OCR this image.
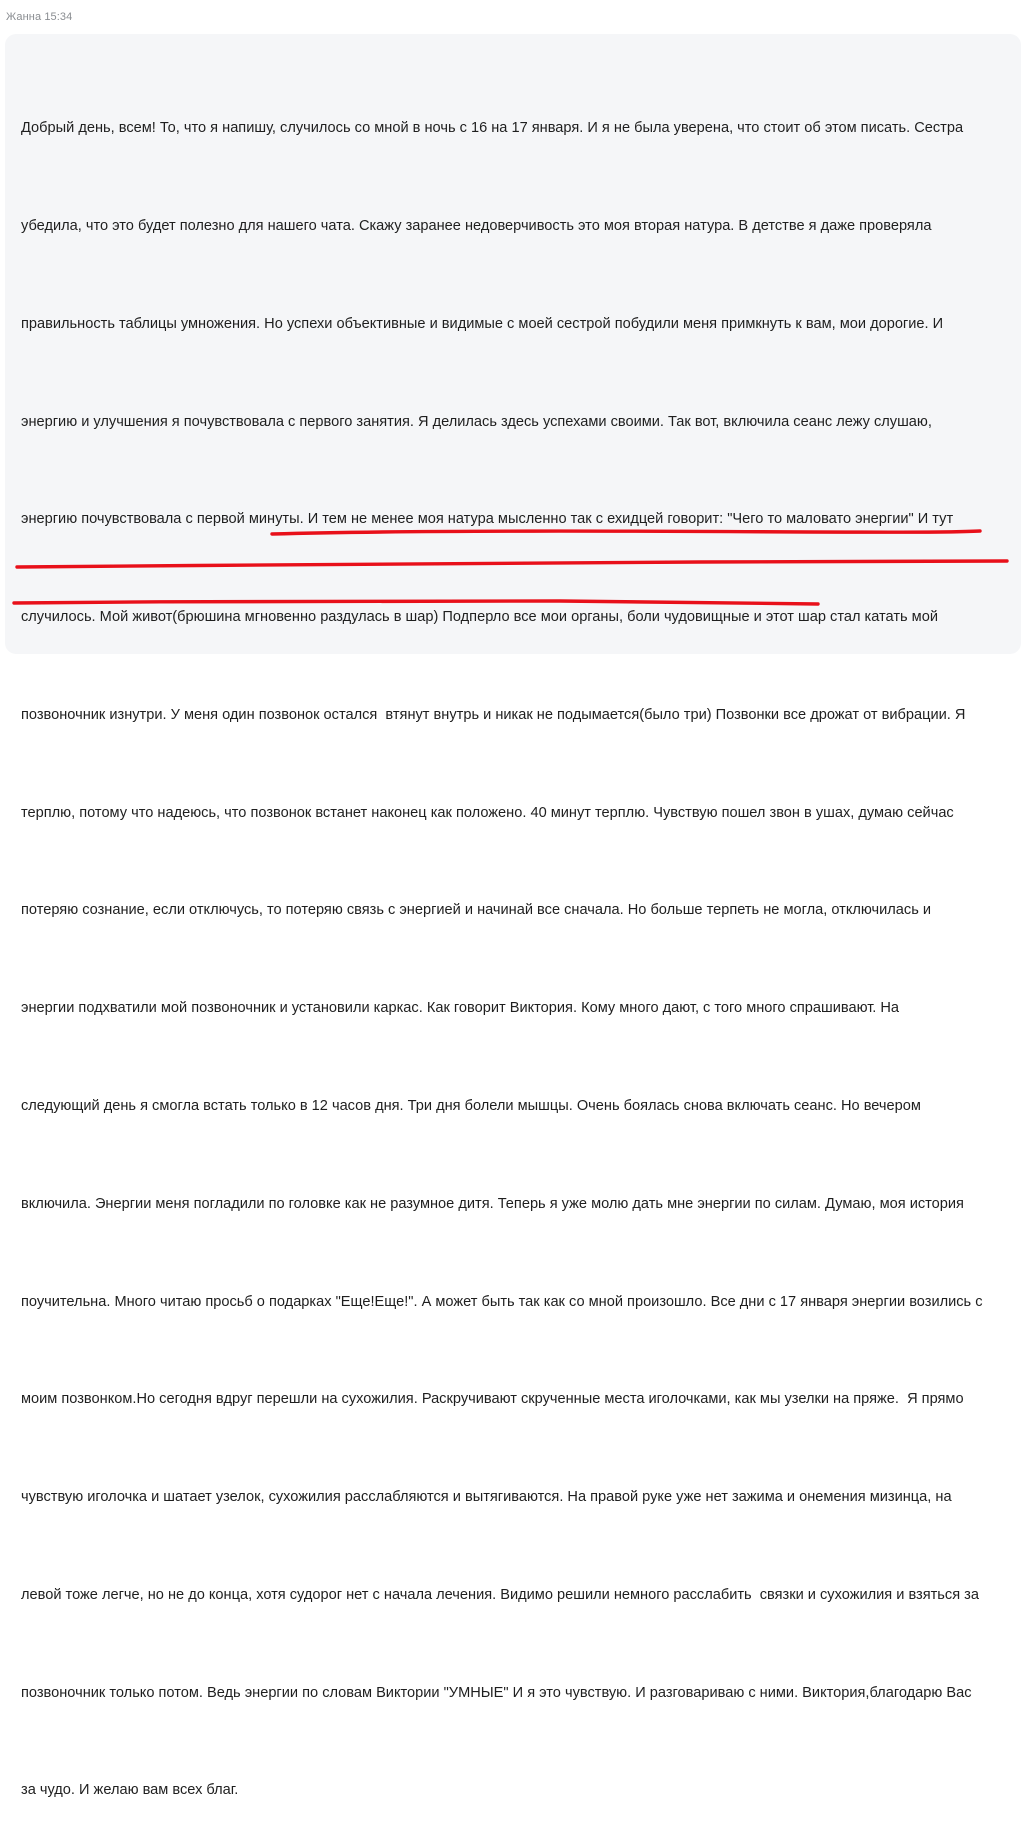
Жанна 15:34

Добрый день, всем! То, что я напишу, случилось со мной в ночь с 16 на 17 января. И я не была уверена, что стоит об этом писать. Сестра

убедила, что это будет полезно для нашего чата. Скажу заранее недоверчивость это моя вторая натура. В детстве я даже проверяла

правильность таблицы умножения. Но успехи объективные и видимые с моей сестрой побудили меня примкнуть к вам, мои дорогие. И

энергию и улучшения я почувствовала с первого занятия. Я делилась здесь успехами своими. Так вот, включила сеанс лежу слушаю,

энергию почувствовала с первой минуты. И тем не менее моя натура мысленно так с ехидцей говорит: "Чего то маловато энергии" И тут

случилось. Мой живот(брюшина мгновенно раздулась в шар) Подперло все мои органы, боли чудовищные и этот шар стал катать мой

позвоночник изнутри. У меня один позвонок остался  втянут внутрь и никак не подымается(было три) Позвонки все дрожат от вибрации. Я

терплю, потому что надеюсь, что позвонок встанет наконец как положено. 40 минут терплю. Чувствую пошел звон в ушах, думаю сейчас

потеряю сознание, если отключусь, то потеряю связь с энергией и начинай все сначала. Но больше терпеть не могла, отключилась и

энергии подхватили мой позвоночник и установили каркас. Как говорит Виктория. Кому много дают, с того много спрашивают. На

следующий день я смогла встать только в 12 часов дня. Три дня болели мышцы. Очень боялась снова включать сеанс. Но вечером

включила. Энергии меня погладили по головке как не разумное дитя. Теперь я уже молю дать мне энергии по силам. Думаю, моя история

поучительна. Много читаю просьб о подарках "Еще!Еще!". А может быть так как со мной произошло. Все дни с 17 января энергии возились с

моим позвонком.Но сегодня вдруг перешли на сухожилия. Раскручивают скрученные места иголочками, как мы узелки на пряже.  Я прямо

чувствую иголочка и шатает узелок, сухожилия расслабляются и вытягиваются. На правой руке уже нет зажима и онемения мизинца, на

левой тоже легче, но не до конца, хотя судорог нет с начала лечения. Видимо решили немного расслабить  связки и сухожилия и взяться за

позвоночник только потом. Ведь энергии по словам Виктории "УМНЫЕ" И я это чувствую. И разговариваю с ними. Виктория,благодарю Вас

за чудо. И желаю вам всех благ.
